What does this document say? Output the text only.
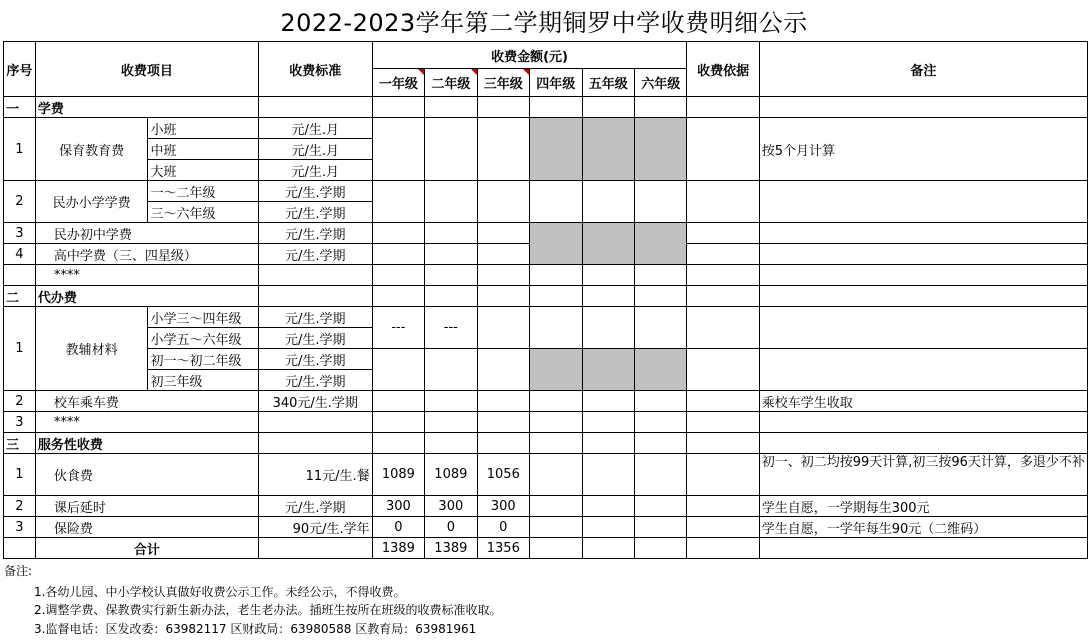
2022-2023学年第二学期铜罗中学收费明细公示
序号	收费项目		收费标准	收费金额(元)						收费依据	备注
				一年级	二年级	三年级	四年级	五年级	六年级		
一	学费										
1	保育教育费	小班	元/生.月								按5个月计算
		中班	元/生.月								
		大班	元/生.月								
2	民办小学学费	一～二年级	元/生.学期								
		三～六年级	元/生.学期								
3	民办初中学费		元/生.学期								
4	高中学费（三、四星级）		元/生.学期								
	****										
二	代办费										
1	教辅材料	小学三～四年级	元/生.学期	---	---						
		小学五～六年级	元/生.学期								
		初一～初二年级	元/生.学期								
		初三年级	元/生.学期								
2	校车乘车费		340元/生.学期								乘校车学生收取
3	****										
三	服务性收费										
1	伙食费		11元/生.餐	1089	1089	1056					初一、初二均按99天计算,初三按96天计算，多退少不补
2	课后延时		元/生.学期	300	300	300					学生自愿，一学期每生300元
3	保险费		90元/生.学年	0	0	0					学生自愿，一学年每生90元（二维码）
	合计			1389	1389	1356					
备注:
1.各幼儿园、中小学校认真做好收费公示工作。未经公示，不得收费。
2.调整学费、保教费实行新生新办法，老生老办法。插班生按所在班级的收费标准收取。
3.监督电话：区发改委：63982117 区财政局：63980588 区教育局：63981961
